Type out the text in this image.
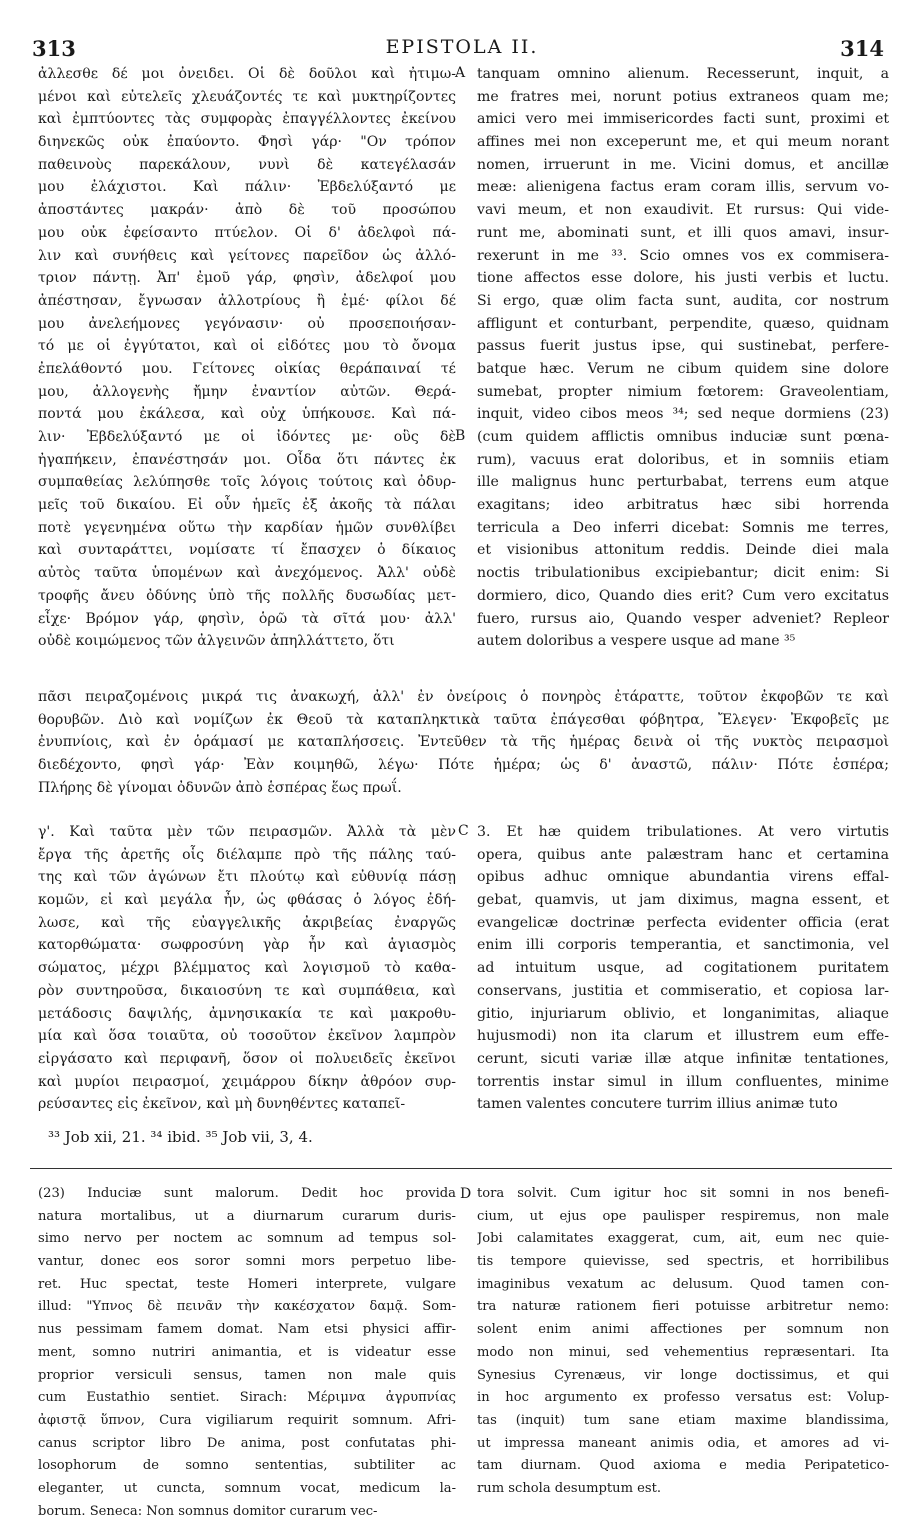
313	EPISTOLA II.	314
ἀλλεσθε δέ μοι ὀνειδει. Οἱ δὲ δοῦλοι καὶ ἠτιμω-
μένοι καὶ εὐτελεῖς χλευάζοντές τε καὶ μυκτηρίζοντες
καὶ ἐμπτύοντες τὰς συμφορὰς ἐπαγγέλλοντες ἐκείνου
διηνεκῶς οὐκ ἐπαύοντο. Φησὶ γάρ· "Ον τρόπον
παθεινοὺς παρεκάλουν, νυνὶ δὲ κατεγέλασάν
μου ἐλάχιστοι. Καὶ πάλιν· Ἐβδελύξαντό με
ἀποστάντες μακράν· ἀπὸ δὲ τοῦ προσώπου
μου οὐκ ἐφείσαντο πτύελον. Οἱ δ' ἀδελφοὶ πά-
λιν καὶ συνήθεις καὶ γείτονες παρεῖδον ὡς ἀλλό-
τριον πάντῃ. Ἀπ' ἐμοῦ γάρ, φησὶν, ἀδελφοί μου
ἀπέστησαν, ἔγνωσαν ἀλλοτρίους ἢ ἐμέ· φίλοι δέ
μου ἀνελεήμονες γεγόνασιν· οὐ προσεποιήσαν-
τό με οἱ ἐγγύτατοι, καὶ οἱ εἰδότες μου τὸ ὄνομα
ἐπελάθοντό μου. Γείτονες οἰκίας θεράπαιναί τέ
μου, ἀλλογενὴς ἤμην ἐναντίον αὐτῶν. Θερά-
ποντά μου ἐκάλεσα, καὶ οὐχ ὑπήκουσε. Καὶ πά-
λιν· Ἐβδελύξαντό με οἱ ἰδόντες με· οὓς δὲ
ἠγαπήκειν, ἐπανέστησάν μοι. Οἶδα ὅτι πάντες ἐκ
συμπαθείας λελύπησθε τοῖς λόγοις τούτοις καὶ ὀδυρ-
μεῖς τοῦ δικαίου. Εἰ οὖν ἡμεῖς ἐξ ἀκοῆς τὰ πάλαι
ποτὲ γεγενημένα οὕτω τὴν καρδίαν ἡμῶν συνθλίβει
καὶ συνταράττει, νομίσατε τί ἔπασχεν ὁ δίκαιος
αὐτὸς ταῦτα ὑπομένων καὶ ἀνεχόμενος. Ἀλλ' οὐδὲ
τροφῆς ἄνευ ὀδύνης ὑπὸ τῆς πολλῆς δυσωδίας μετ-
εἶχε· Βρόμον γάρ, φησὶν, ὁρῶ τὰ σῖτά μου· ἀλλ'
οὐδὲ κοιμώμενος τῶν ἀλγεινῶν ἀπηλλάττετο, ὅτι
tanquam omnino alienum. Recesserunt, inquit, a
me fratres mei, norunt potius extraneos quam me;
amici vero mei immisericordes facti sunt, proximi et
affines mei non exceperunt me, et qui meum norant
nomen, irruerunt in me. Vicini domus, et ancillæ
meæ: alienigena factus eram coram illis, servum vo-
vavi meum, et non exaudivit. Et rursus: Qui vide-
runt me, abominati sunt, et illi quos amavi, insur-
rexerunt in me ³³. Scio omnes vos ex commisera-
tione affectos esse dolore, his justi verbis et luctu.
Si ergo, quæ olim facta sunt, audita, cor nostrum
affligunt et conturbant, perpendite, quæso, quidnam
passus fuerit justus ipse, qui sustinebat, perfere-
batque hæc. Verum ne cibum quidem sine dolore
sumebat, propter nimium fœtorem: Graveolentiam,
inquit, video cibos meos ³⁴; sed neque dormiens (23)
(cum quidem afflictis omnibus induciæ sunt pœna-
rum), vacuus erat doloribus, et in somniis etiam
ille malignus hunc perturbabat, terrens eum atque
exagitans; ideo arbitratus hæc sibi horrenda
terricula a Deo inferri dicebat: Somnis me terres,
et visionibus attonitum reddis. Deinde diei mala
noctis tribulationibus excipiebantur; dicit enim: Si
dormiero, dico, Quando dies erit? Cum vero excitatus
fuero, rursus aio, Quando vesper adveniet? Repleor
autem doloribus a vespere usque ad mane ³⁵
A
B
πᾶσι πειραζομένοις μικρά τις ἀνακωχή, ἀλλ' ἐν ὀνείροις ὁ πονηρὸς ἐτάραττε, τοῦτον ἐκφοβῶν τε καὶ
θορυβῶν. Διὸ καὶ νομίζων ἐκ Θεοῦ τὰ καταπληκτικὰ ταῦτα ἐπάγεσθαι φόβητρα, Ἔλεγεν· Ἐκφοβεῖς με
ἐνυπνίοις, καὶ ἐν ὁράμασί με καταπλήσσεις. Ἐντεῦθεν τὰ τῆς ἡμέρας δεινὰ οἱ τῆς νυκτὸς πειρασμοὶ
διεδέχοντο, φησὶ γάρ· Ἐὰν κοιμηθῶ, λέγω· Πότε ἡμέρα; ὡς δ' ἀναστῶ, πάλιν· Πότε ἑσπέρα;
Πλήρης δὲ γίνομαι ὀδυνῶν ἀπὸ ἑσπέρας ἕως πρωΐ.
γ'. Καὶ ταῦτα μὲν τῶν πειρασμῶν. Ἀλλὰ τὰ μὲν
ἔργα τῆς ἀρετῆς οἷς διέλαμπε πρὸ τῆς πάλης ταύ-
της καὶ τῶν ἀγώνων ἔτι πλούτῳ καὶ εὐθυνίᾳ πάσῃ
κομῶν, εἰ καὶ μεγάλα ἦν, ὡς φθάσας ὁ λόγος ἐδή-
λωσε, καὶ τῆς εὐαγγελικῆς ἀκριβείας ἐναργῶς
κατορθώματα· σωφροσύνη γὰρ ἦν καὶ ἁγιασμὸς
σώματος, μέχρι βλέμματος καὶ λογισμοῦ τὸ καθα-
ρὸν συντηροῦσα, δικαιοσύνη τε καὶ συμπάθεια, καὶ
μετάδοσις δαψιλής, ἀμνησικακία τε καὶ μακροθυ-
μία καὶ ὅσα τοιαῦτα, οὐ τοσοῦτον ἐκεῖνον λαμπρὸν
εἰργάσατο καὶ περιφανῆ, ὅσον οἱ πολυειδεῖς ἐκεῖνοι
καὶ μυρίοι πειρασμοί, χειμάρρου δίκην ἀθρόον συρ-
ρεύσαντες εἰς ἐκεῖνον, καὶ μὴ δυνηθέντες καταπεῖ-
3. Et hæ quidem tribulationes. At vero virtutis
opera, quibus ante palæstram hanc et certamina
opibus adhuc omnique abundantia virens effal-
gebat, quamvis, ut jam diximus, magna essent, et
evangelicæ doctrinæ perfecta evidenter officia (erat
enim illi corporis temperantia, et sanctimonia, vel
ad intuitum usque, ad cogitationem puritatem
conservans, justitia et commiseratio, et copiosa lar-
gitio, injuriarum oblivio, et longanimitas, aliaque
hujusmodi) non ita clarum et illustrem eum effe-
cerunt, sicuti variæ illæ atque infinitæ tentationes,
torrentis instar simul in illum confluentes, minime
tamen valentes concutere turrim illius animæ tuto
C
³³ Job xii, 21. ³⁴ ibid. ³⁵ Job vii, 3, 4.
(23) Induciæ sunt malorum. Dedit hoc provida
natura mortalibus, ut a diurnarum curarum duris-
simo nervo per noctem ac somnum ad tempus sol-
vantur, donec eos soror somni mors perpetuo libe-
ret. Huc spectat, teste Homeri interprete, vulgare
illud: "Υπνος δὲ πεινᾶν τὴν κακέσχατον δαμᾷ. Som-
nus pessimam famem domat. Nam etsi physici affir-
ment, somno nutriri animantia, et is videatur esse
proprior versiculi sensus, tamen non male quis
cum Eustathio sentiet. Sirach: Μέριμνα ἀγρυπνίας
ἀφιστᾷ ὕπνον, Cura vigiliarum requirit somnum. Afri-
canus scriptor libro De anima, post confutatas phi-
losophorum de somno sententias, subtiliter ac
eleganter, ut cuncta, somnum vocat, medicum la-
borum. Seneca: Non somnus domitor curarum vec-
tora solvit. Cum igitur hoc sit somni in nos benefi-
cium, ut ejus ope paulisper respiremus, non male
Jobi calamitates exaggerat, cum, ait, eum nec quie-
tis tempore quievisse, sed spectris, et horribilibus
imaginibus vexatum ac delusum. Quod tamen con-
tra naturæ rationem fieri potuisse arbitretur nemo:
solent enim animi affectiones per somnum non
modo non minui, sed vehementius repræsentari. Ita
Synesius Cyrenæus, vir longe doctissimus, et qui
in hoc argumento ex professo versatus est: Volup-
tas (inquit) tum sane etiam maxime blandissima,
ut impressa maneant animis odia, et amores ad vi-
tam diurnam. Quod axioma e media Peripatetico-
rum schola desumptum est.
D
